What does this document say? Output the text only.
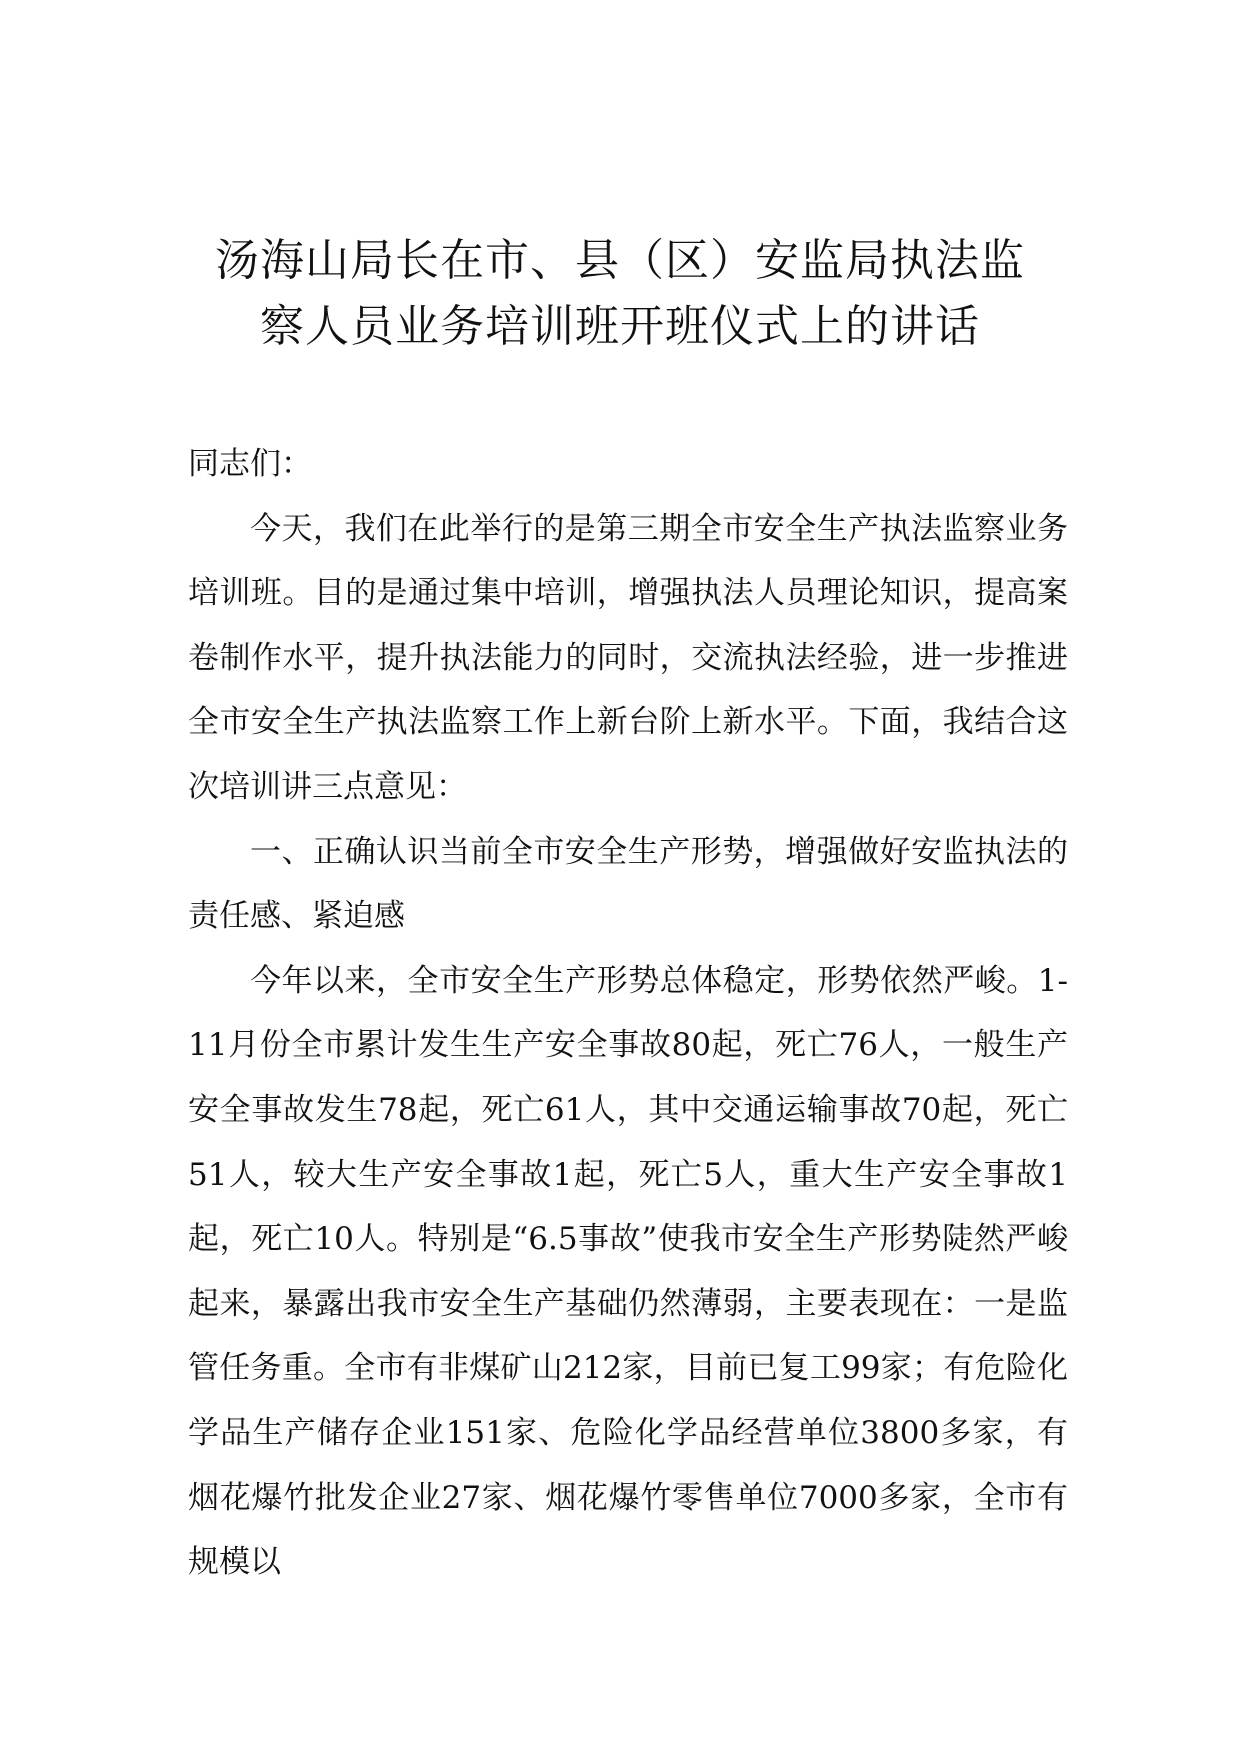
汤海山局长在市、县（区）安监局执法监
察人员业务培训班开班仪式上的讲话

同志们：

今天，我们在此举行的是第三期全市安全生产执法监察业务培训班。目的是通过集中培训，增强执法人员理论知识，提高案卷制作水平，提升执法能力的同时，交流执法经验，进一步推进全市安全生产执法监察工作上新台阶上新水平。下面，我结合这次培训讲三点意见：

一、正确认识当前全市安全生产形势，增强做好安监执法的责任感、紧迫感

今年以来，全市安全生产形势总体稳定，形势依然严峻。1-11月份全市累计发生生产安全事故80起，死亡76人，一般生产安全事故发生78起，死亡61人，其中交通运输事故70起，死亡51人，较大生产安全事故1起，死亡5人，重大生产安全事故1起，死亡10人。特别是“6.5事故”使我市安全生产形势陡然严峻起来，暴露出我市安全生产基础仍然薄弱，主要表现在：一是监管任务重。全市有非煤矿山212家，目前已复工99家；有危险化学品生产储存企业151家、危险化学品经营单位3800多家，有烟花爆竹批发企业27家、烟花爆竹零售单位7000多家，全市有规模以
